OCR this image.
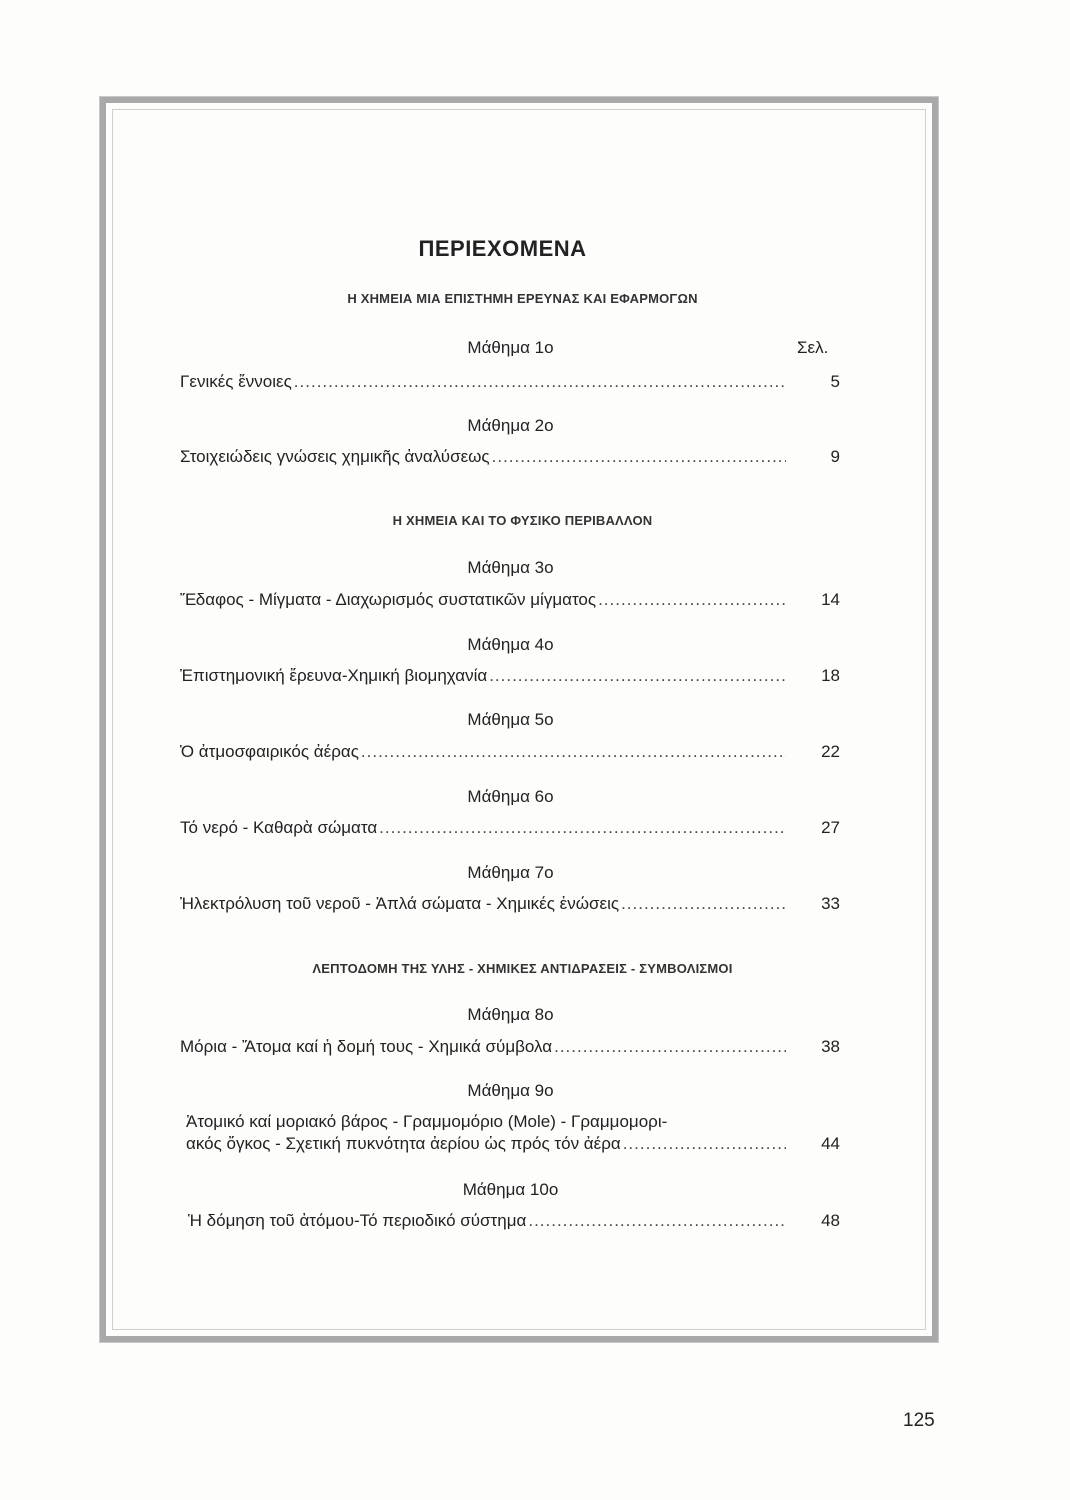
ΠΕΡΙΕΧΟΜΕΝΑ
Η ΧΗΜΕΙΑ ΜΙΑ ΕΠΙΣΤΗΜΗ ΕΡΕΥΝΑΣ ΚΑΙ ΕΦΑΡΜΟΓΩΝ
Μάθημα 1ο	Σελ.
Γενικές ἔννοιες .....	5
Μάθημα 2ο
Στοιχειώδεις γνώσεις χημικῆς ἀναλύσεως .....	9
Η ΧΗΜΕΙΑ ΚΑΙ ΤΟ ΦΥΣΙΚΟ ΠΕΡΙΒΑΛΛΟΝ
Μάθημα 3ο
Ἔδαφος - Μίγματα - Διαχωρισμός συστατικῶν μίγματος .....	14
Μάθημα 4ο
Ἐπιστημονική ἔρευνα-Χημική βιομηχανία .....	18
Μάθημα 5ο
Ὁ ἀτμοσφαιρικός ἀέρας .....	22
Μάθημα 6ο
Τό νερό - Καθαρὰ σώματα .....	27
Μάθημα 7ο
Ἠλεκτρόλυση τοῦ νεροῦ - Ἁπλά σώματα - Χημικές ἑνώσεις .....	33
ΛΕΠΤΟΔΟΜΗ ΤΗΣ ΥΛΗΣ - ΧΗΜΙΚΕΣ ΑΝΤΙΔΡΑΣΕΙΣ - ΣΥΜΒΟΛΙΣΜΟΙ
Μάθημα 8ο
Μόρια - Ἄτομα καί ἡ δομή τους - Χημικά σύμβολα .....	38
Μάθημα 9ο
Ἀτομικό καί μοριακό βάρος - Γραμμομόριο (Mole) - Γραμμομορι-
ακός ὄγκος - Σχετική πυκνότητα ἀερίου ὡς πρός τόν ἀέρα .....	44
Μάθημα 10ο
Ἡ δόμηση τοῦ ἀτόμου-Τό περιοδικό σύστημα .....	48
125
